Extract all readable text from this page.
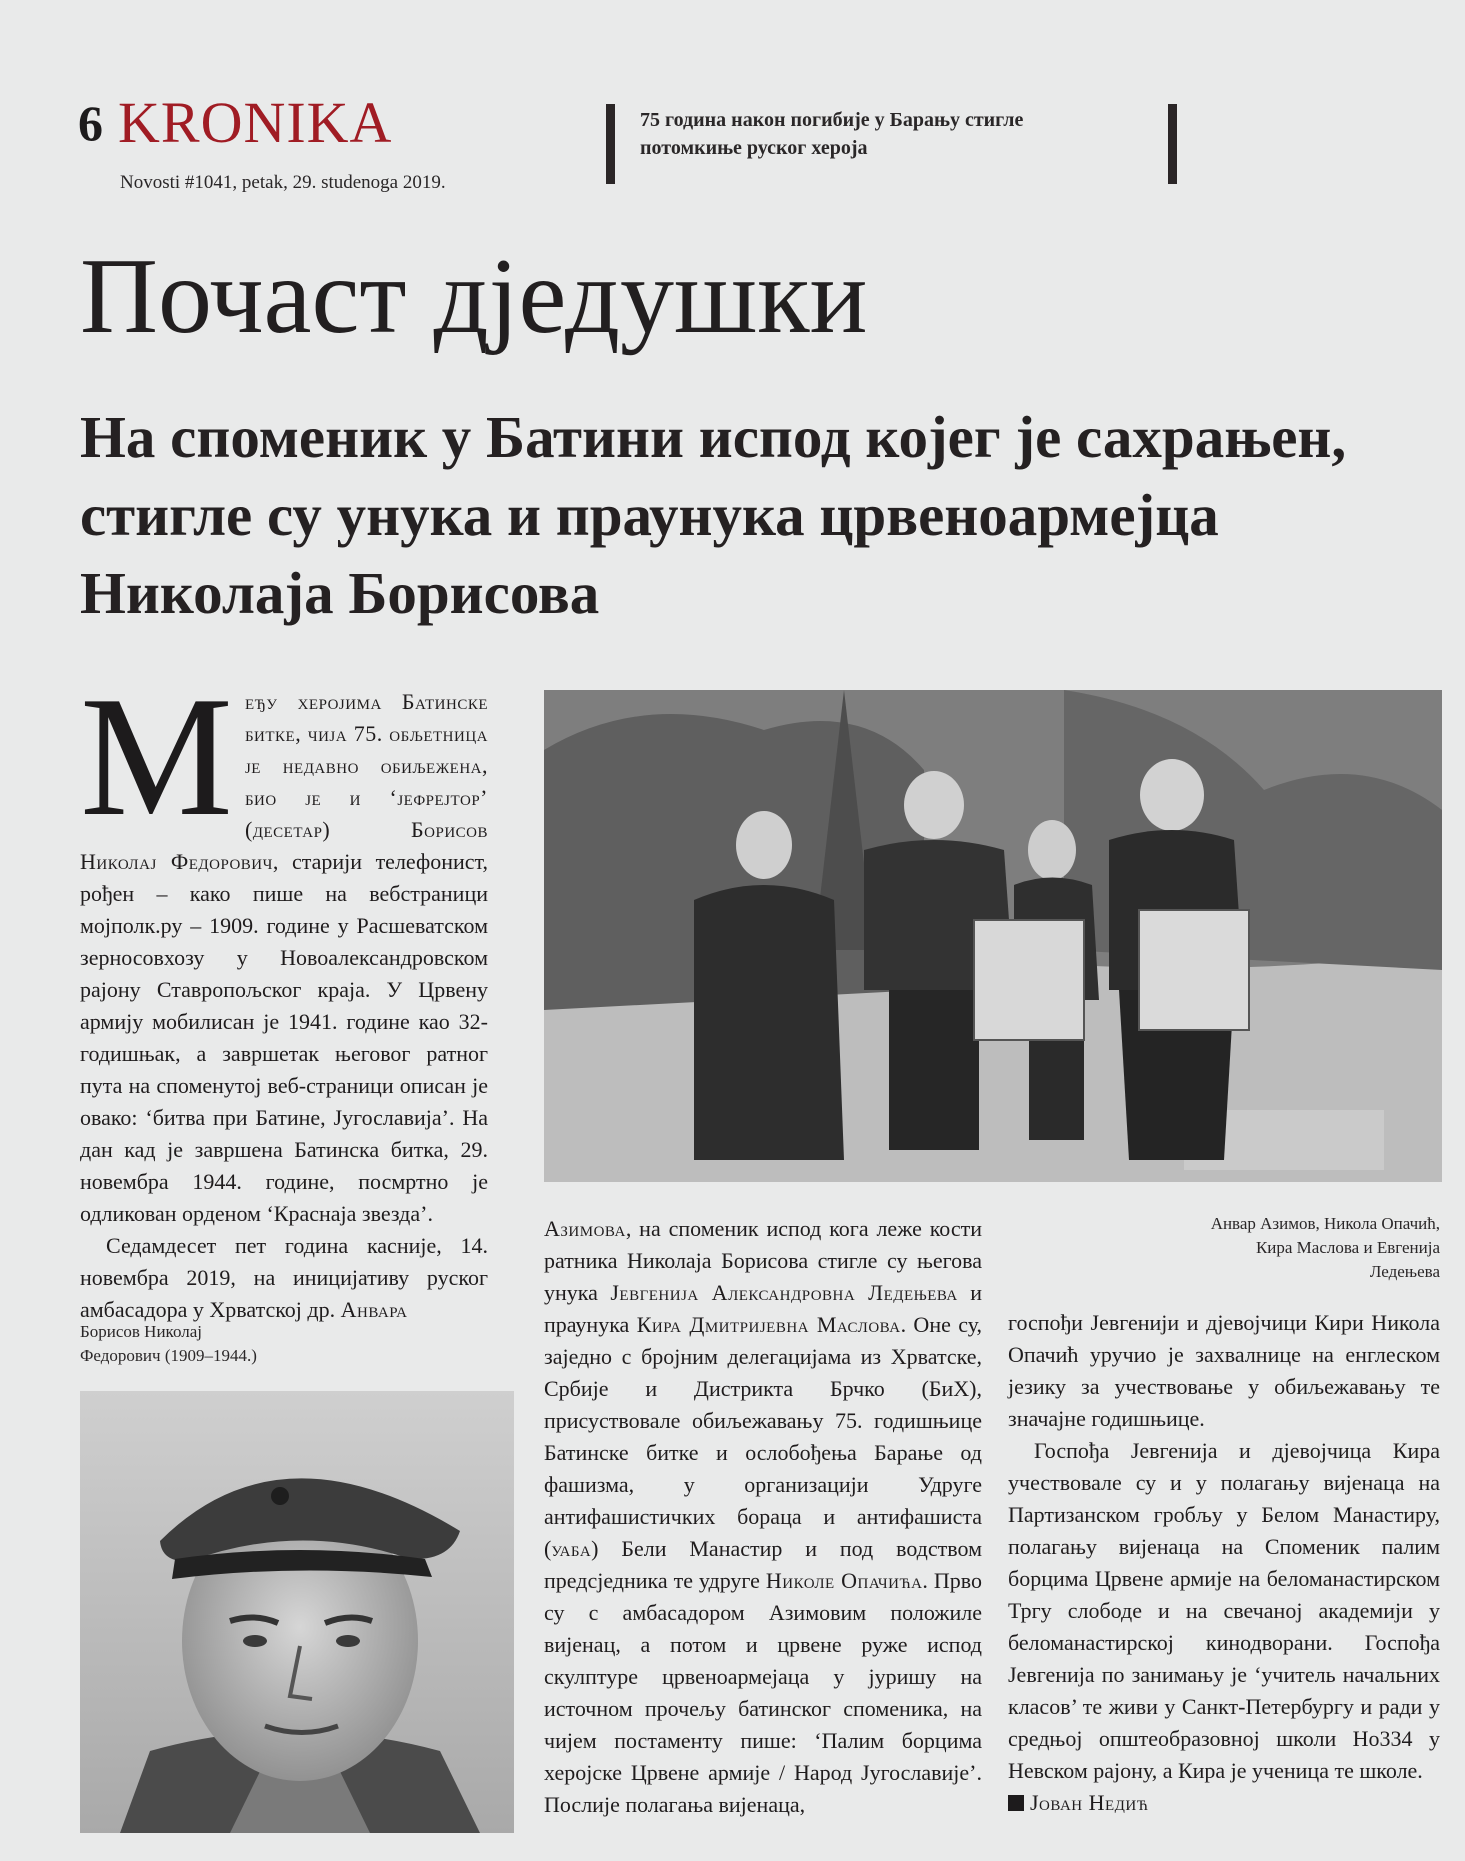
6 KRONIKA
Novosti #1041, petak, 29. studenoga 2019.
75 година након погибије у Барању стигле
потомкиње руског хероја
Почаст дједушки
На споменик у Батини испод којег је сахрањен, стигле су унука и праунука црвеноармејца Николаја Борисова

Међу херојима Батинске битке, чија 75. обљетница је недавно обиљежена, био је и ‘јефрејтор’ (десетар) Борисов Николај Федорович, старији телефонист, рођен – како пише на вебстраници мојполк.ру – 1909. године у Расшеватском зерносовхозу у Новоалександровском рајону Ставропољског краја. У Црвену армију мобилисан је 1941. године као 32-годишњак, а завршетак његовог ратног пута на споменутој веб-страници описан је овако: ‘битва при Батине, Југославија’. На дан кад је завршена Батинска битка, 29. новембра 1944. године, посмртно је одликован орденом ‘Краснаја звезда’.

Седамдесет пет година касније, 14. новембра 2019, на иницијативу руског амбасадора у Хрватској др. Анвара

Борисов Николај
Федорович (1909–1944.)
Анвар Азимов, Никола Опачић, Кира Маслова и Евгенија Ледењева

Азимова, на споменик испод кога леже кости ратника Николаја Борисова стигле су његова унука Јевгенија Александровна Ледењева и праунука Кира Дмитријевна Маслова. Оне су, заједно с бројним делегацијама из Хрватске, Србије и Дистрикта Брчко (БиХ), присуствовале обиљежавању 75. годишњице Батинске битке и ослобођења Барање од фашизма, у организацији Удруге антифашистичких бораца и антифашиста (уаба) Бели Манастир и под водством предсједника те удруге Николе Опачића. Прво су с амбасадором Азимовим положиле вијенац, а потом и црвене руже испод скулптуре црвеноармејаца у јуришу на источном прочељу батинског споменика, на чијем постаменту пише: ‘Палим борцима херојске Црвене армије / Народ Југославије’. Послије полагања вијенаца,

госпођи Јевгенији и дјевојчици Кири Никола Опачић уручио је захвалнице на енглеском језику за учествовање у обиљежавању те значајне годишњице.

Госпођа Јевгенија и дјевојчица Кира учествовале су и у полагању вијенаца на Партизанском гробљу у Белом Манастиру, полагању вијенаца на Споменик палим борцима Црвене армије на беломанастирском Тргу слободе и на свечаној академији у беломанастирској кинодворани. Госпођа Јевгенија по занимању је ‘учитель начальних класов’ те живи у Санкт-Петербургу и ради у средњој општеобразовној школи Но334 у Невском рајону, а Кира је ученица те школе.

Јован Недић
